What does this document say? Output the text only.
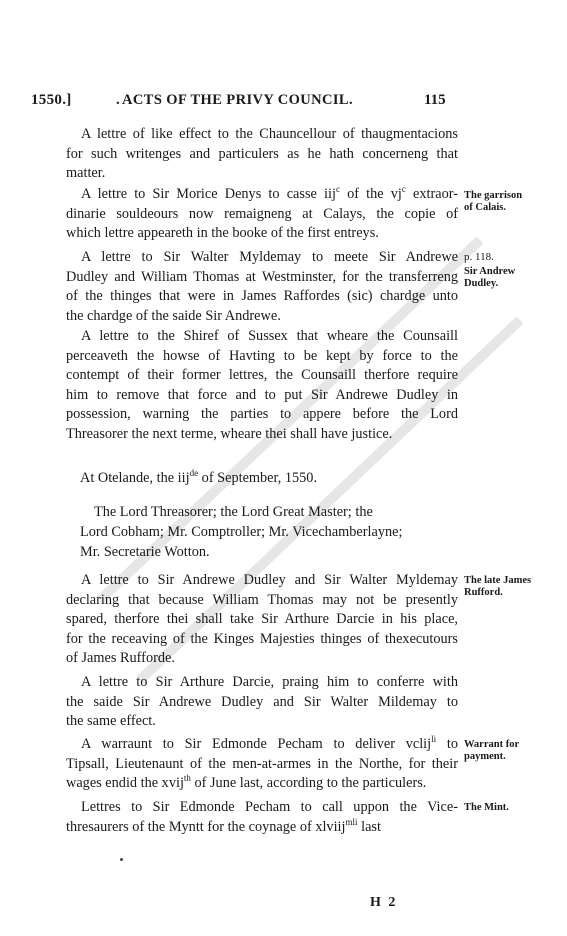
1550.]	. ACTS OF THE PRIVY COUNCIL.	115
A lettre of like effect to the Chauncellour of thaugmentacions
for such writenges and particulers as he hath concerneng that
matter.
A lettre to Sir Morice Denys to casse iij$^c$ of the $vj^c$ extraor-
dinarie souldeours now remaigneng at Calays, the copie of
which lettre appeareth in the booke of the first entreys.
The garrison
of Calais.
A lettre to Sir Walter Myldemay to meete Sir Andrewe
Dudley and William Thomas at Westminster, for the transferreng
of the thinges that were in James Raffordes (sic) chardge unto
the chardge of the saide Sir Andrewe.
p. 118.
Sir Andrew
Dudley.
A lettre to the Shiref of Sussex that wheare the Counsaill
perceaveth the howse of Havting to be kept by force to the
contempt of their former lettres, the Counsaill therfore require
him to remove that force and to put Sir Andrewe Dudley in
possession, warning the parties to appere before the Lord
Threasorer the next terme, wheare thei shall have justice.
At Otelande, the iij$^{de}$ of September, 1550.
The Lord Threasorer; the Lord Great Master; the
Lord Cobham; Mr. Comptroller; Mr. Vicechamberlayne;
Mr. Secretarie Wotton.
A lettre to Sir Andrewe Dudley and Sir Walter Myldemay
declaring that because William Thomas may not be presently
spared, therfore thei shall take Sir Arthure Darcie in his place,
for the receaving of the Kinges Majesties thinges of thexecutours
of James Rufforde.
The late James
Rufford.
A lettre to Sir Arthure Darcie, praing him to conferre with
the saide Sir Andrewe Dudley and Sir Walter Mildemay to
the same effect.
A warraunt to Sir Edmonde Pecham to deliver vclij$^{li}$ to
Tipsall, Lieutenaunt of the men-at-armes in the Northe, for their
wages endid the xvij$^{th}$ of June last, according to the particulers.
Warrant for
payment.
Lettres to Sir Edmonde Pecham to call uppon the Vice-
thresaurers of the Myntt for the coynage of xlviij$^{mli}$ last
The Mint.
H 2
